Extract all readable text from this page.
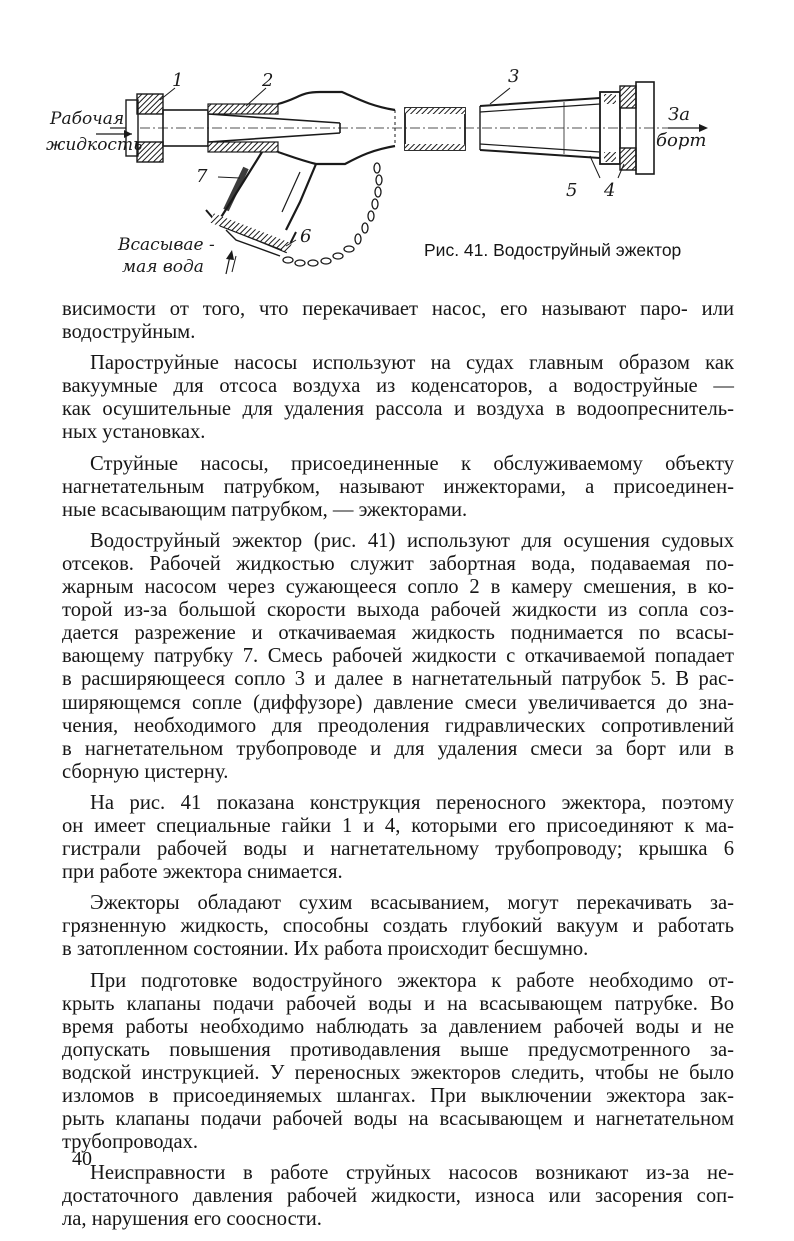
Рабочая
жидкость
За
борт
Всасывае -
мая вода
1	2	3
4
5
6
7
Рис. 41. Водоструйный эжектор

висимости от того, что перекачивает насос, его называют паро- или
водоструйным.

Пароструйные насосы используют на судах главным образом как
вакуумные для отсоса воздуха из коденсаторов, а водоструйные —
как осушительные для удаления рассола и воздуха в водоопреснитель-
ных установках.

Струйные насосы, присоединенные к обслуживаемому объекту
нагнетательным патрубком, называют инжекторами, а присоединен-
ные всасывающим патрубком, — эжекторами.

Водоструйный эжектор (рис. 41) используют для осушения судовых
отсеков. Рабочей жидкостью служит забортная вода, подаваемая по-
жарным насосом через сужающееся сопло 2 в камеру смешения, в ко-
торой из-за большой скорости выхода рабочей жидкости из сопла соз-
дается разрежение и откачиваемая жидкость поднимается по всасы-
вающему патрубку 7. Смесь рабочей жидкости с откачиваемой попадает
в расширяющееся сопло 3 и далее в нагнетательный патрубок 5. В рас-
ширяющемся сопле (диффузоре) давление смеси увеличивается до зна-
чения, необходимого для преодоления гидравлических сопротивлений
в нагнетательном трубопроводе и для удаления смеси за борт или в
сборную цистерну.

На рис. 41 показана конструкция переносного эжектора, поэтому
он имеет специальные гайки 1 и 4, которыми его присоединяют к ма-
гистрали рабочей воды и нагнетательному трубопроводу; крышка 6
при работе эжектора снимается.

Эжекторы обладают сухим всасыванием, могут перекачивать за-
грязненную жидкость, способны создать глубокий вакуум и работать
в затопленном состоянии. Их работа происходит бесшумно.

При подготовке водоструйного эжектора к работе необходимо от-
крыть клапаны подачи рабочей воды и на всасывающем патрубке. Во
время работы необходимо наблюдать за давлением рабочей воды и не
допускать повышения противодавления выше предусмотренного за-
водской инструкцией. У переносных эжекторов следить, чтобы не было
изломов в присоединяемых шлангах. При выключении эжектора зак-
рыть клапаны подачи рабочей воды на всасывающем и нагнетательном
трубопроводах.

Неисправности в работе струйных насосов возникают из-за не-
достаточного давления рабочей жидкости, износа или засорения соп-
ла, нарушения его соосности.

40
